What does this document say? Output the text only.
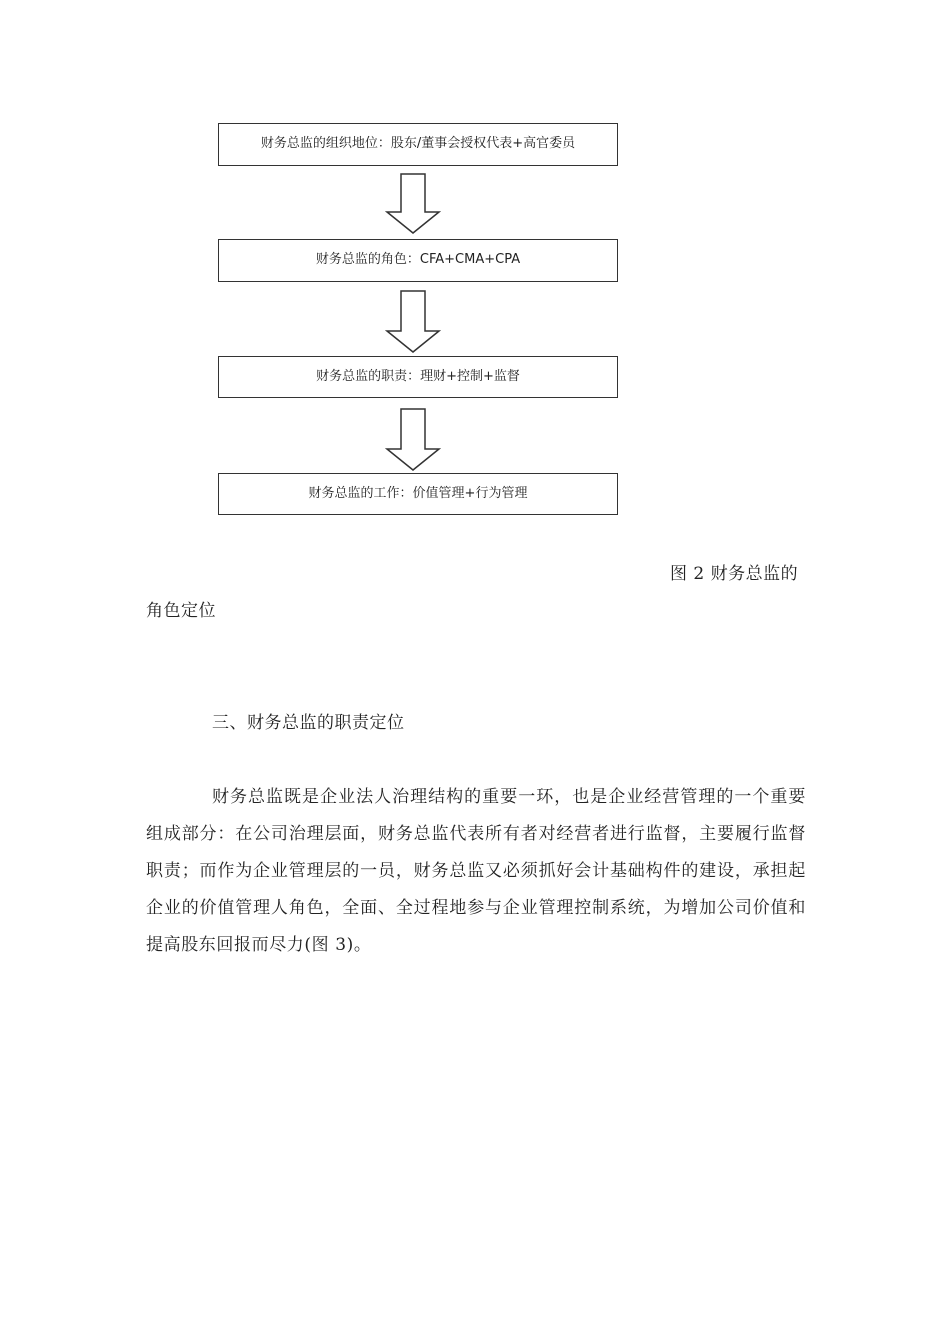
财务总监的组织地位：股东/董事会授权代表+高官委员
财务总监的角色：CFA+CMA+CPA
财务总监的职责：理财+控制+监督
财务总监的工作：价值管理+行为管理
图 2 财务总监的
角色定位
三、财务总监的职责定位

财务总监既是企业法人治理结构的重要一环，也是企业经营管理的一个重要组成部分：在公司治理层面，财务总监代表所有者对经营者进行监督，主要履行监督职责；而作为企业管理层的一员，财务总监又必须抓好会计基础构件的建设，承担起企业的价值管理人角色，全面、全过程地参与企业管理控制系统，为增加公司价值和提高股东回报而尽力(图 3)。
